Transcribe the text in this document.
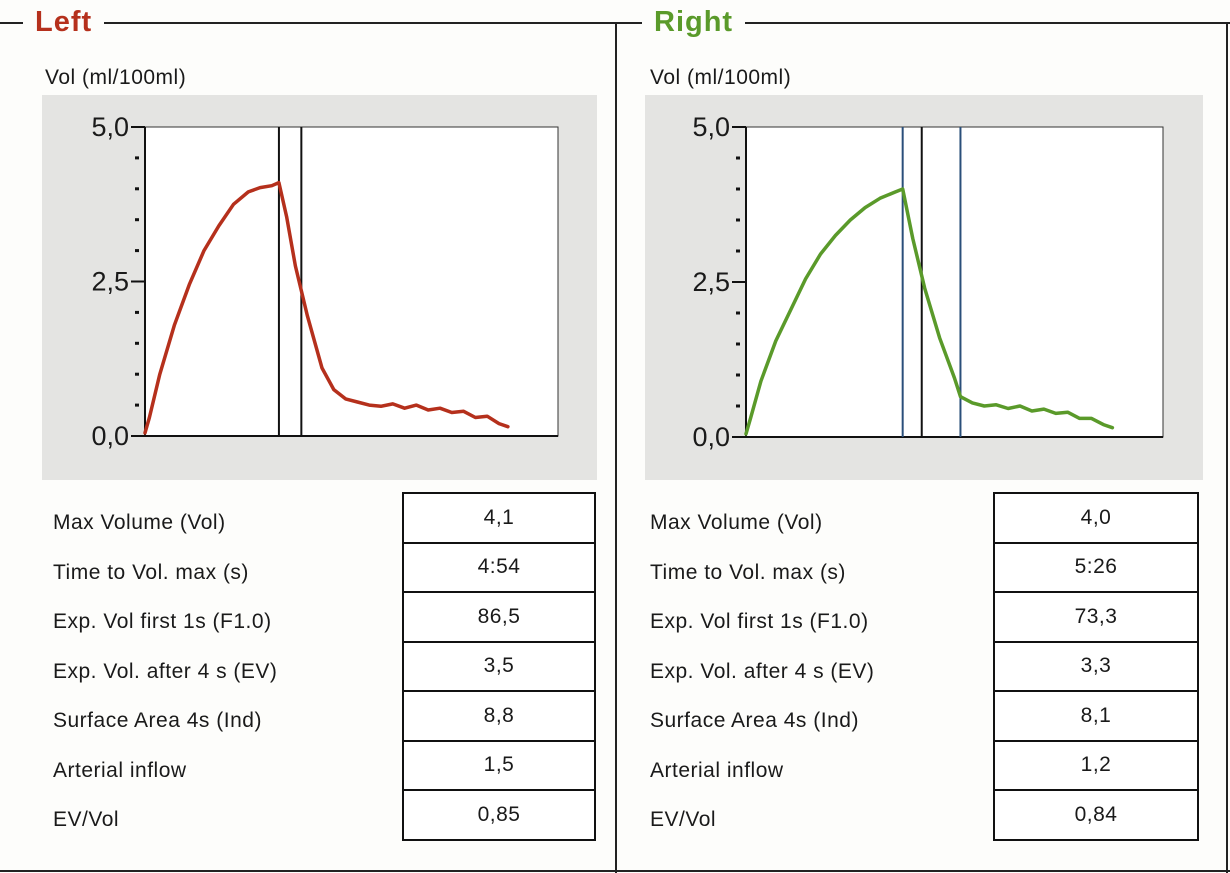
Left
Vol (ml/100ml)
5,0
2,5
0,0
Max Volume (Vol)	4,1
Time to Vol. max (s)	4:54
Exp. Vol first 1s (F1.0)	86,5
Exp. Vol. after 4 s (EV)	3,5
Surface Area 4s (Ind)	8,8
Arterial inflow	1,5
EV/Vol	0,85
Right
Vol (ml/100ml)
5,0
2,5
0,0
Max Volume (Vol)	4,0
Time to Vol. max (s)	5:26
Exp. Vol first 1s (F1.0)	73,3
Exp. Vol. after 4 s (EV)	3,3
Surface Area 4s (Ind)	8,1
Arterial inflow	1,2
EV/Vol	0,84
